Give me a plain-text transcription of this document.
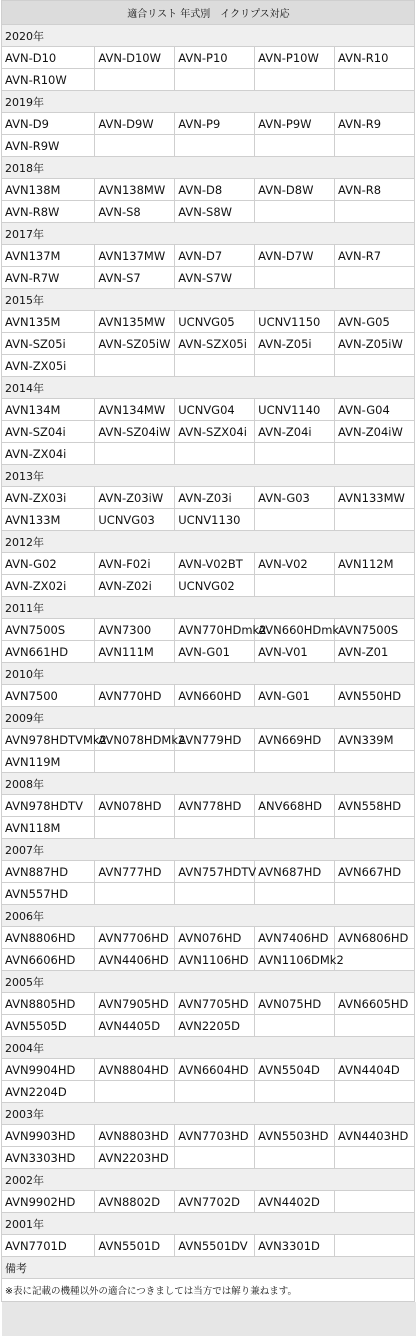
適合リスト 年式別　イクリプス対応				
2020年				
AVN-D10	AVN-D10W	AVN-P10	AVN-P10W	AVN-R10
AVN-R10W				
2019年				
AVN-D9	AVN-D9W	AVN-P9	AVN-P9W	AVN-R9
AVN-R9W				
2018年				
AVN138M	AVN138MW	AVN-D8	AVN-D8W	AVN-R8
AVN-R8W	AVN-S8	AVN-S8W		
2017年				
AVN137M	AVN137MW	AVN-D7	AVN-D7W	AVN-R7
AVN-R7W	AVN-S7	AVN-S7W		
2015年				
AVN135M	AVN135MW	UCNVG05	UCNV1150	AVN-G05
AVN-SZ05i	AVN-SZ05iW	AVN-SZX05i	AVN-Z05i	AVN-Z05iW
AVN-ZX05i				
2014年				
AVN134M	AVN134MW	UCNVG04	UCNV1140	AVN-G04
AVN-SZ04i	AVN-SZ04iW	AVN-SZX04i	AVN-Z04i	AVN-Z04iW
AVN-ZX04i				
2013年				
AVN-ZX03i	AVN-Z03iW	AVN-Z03i	AVN-G03	AVN133MW
AVN133M	UCNVG03	UCNV1130		
2012年				
AVN-G02	AVN-F02i	AVN-V02BT	AVN-V02	AVN112M
AVN-ZX02i	AVN-Z02i	UCNVG02		
2011年				
AVN7500S	AVN7300	AVN770HDmk2	AVN660HDmk	AVN7500S
AVN661HD	AVN111M	AVN-G01	AVN-V01	AVN-Z01
2010年				
AVN7500	AVN770HD	AVN660HD	AVN-G01	AVN550HD
2009年				
AVN978HDTVMk2	AVN078HDMk2	AVN779HD	AVN669HD	AVN339M
AVN119M				
2008年				
AVN978HDTV	AVN078HD	AVN778HD	ANV668HD	AVN558HD
AVN118M				
2007年				
AVN887HD	AVN777HD	AVN757HDTV	AVN687HD	AVN667HD
AVN557HD				
2006年				
AVN8806HD	AVN7706HD	AVN076HD	AVN7406HD	AVN6806HD
AVN6606HD	AVN4406HD	AVN1106HD	AVN1106DMk2	
2005年				
AVN8805HD	AVN7905HD	AVN7705HD	AVN075HD	AVN6605HD
AVN5505D	AVN4405D	AVN2205D		
2004年				
AVN9904HD	AVN8804HD	AVN6604HD	AVN5504D	AVN4404D
AVN2204D				
2003年				
AVN9903HD	AVN8803HD	AVN7703HD	AVN5503HD	AVN4403HD
AVN3303HD	AVN2203HD			
2002年				
AVN9902HD	AVN8802D	AVN7702D	AVN4402D	
2001年				
AVN7701D	AVN5501D	AVN5501DV	AVN3301D	
備考				
※表に記載の機種以外の適合につきましては当方では解り兼ねます。				
